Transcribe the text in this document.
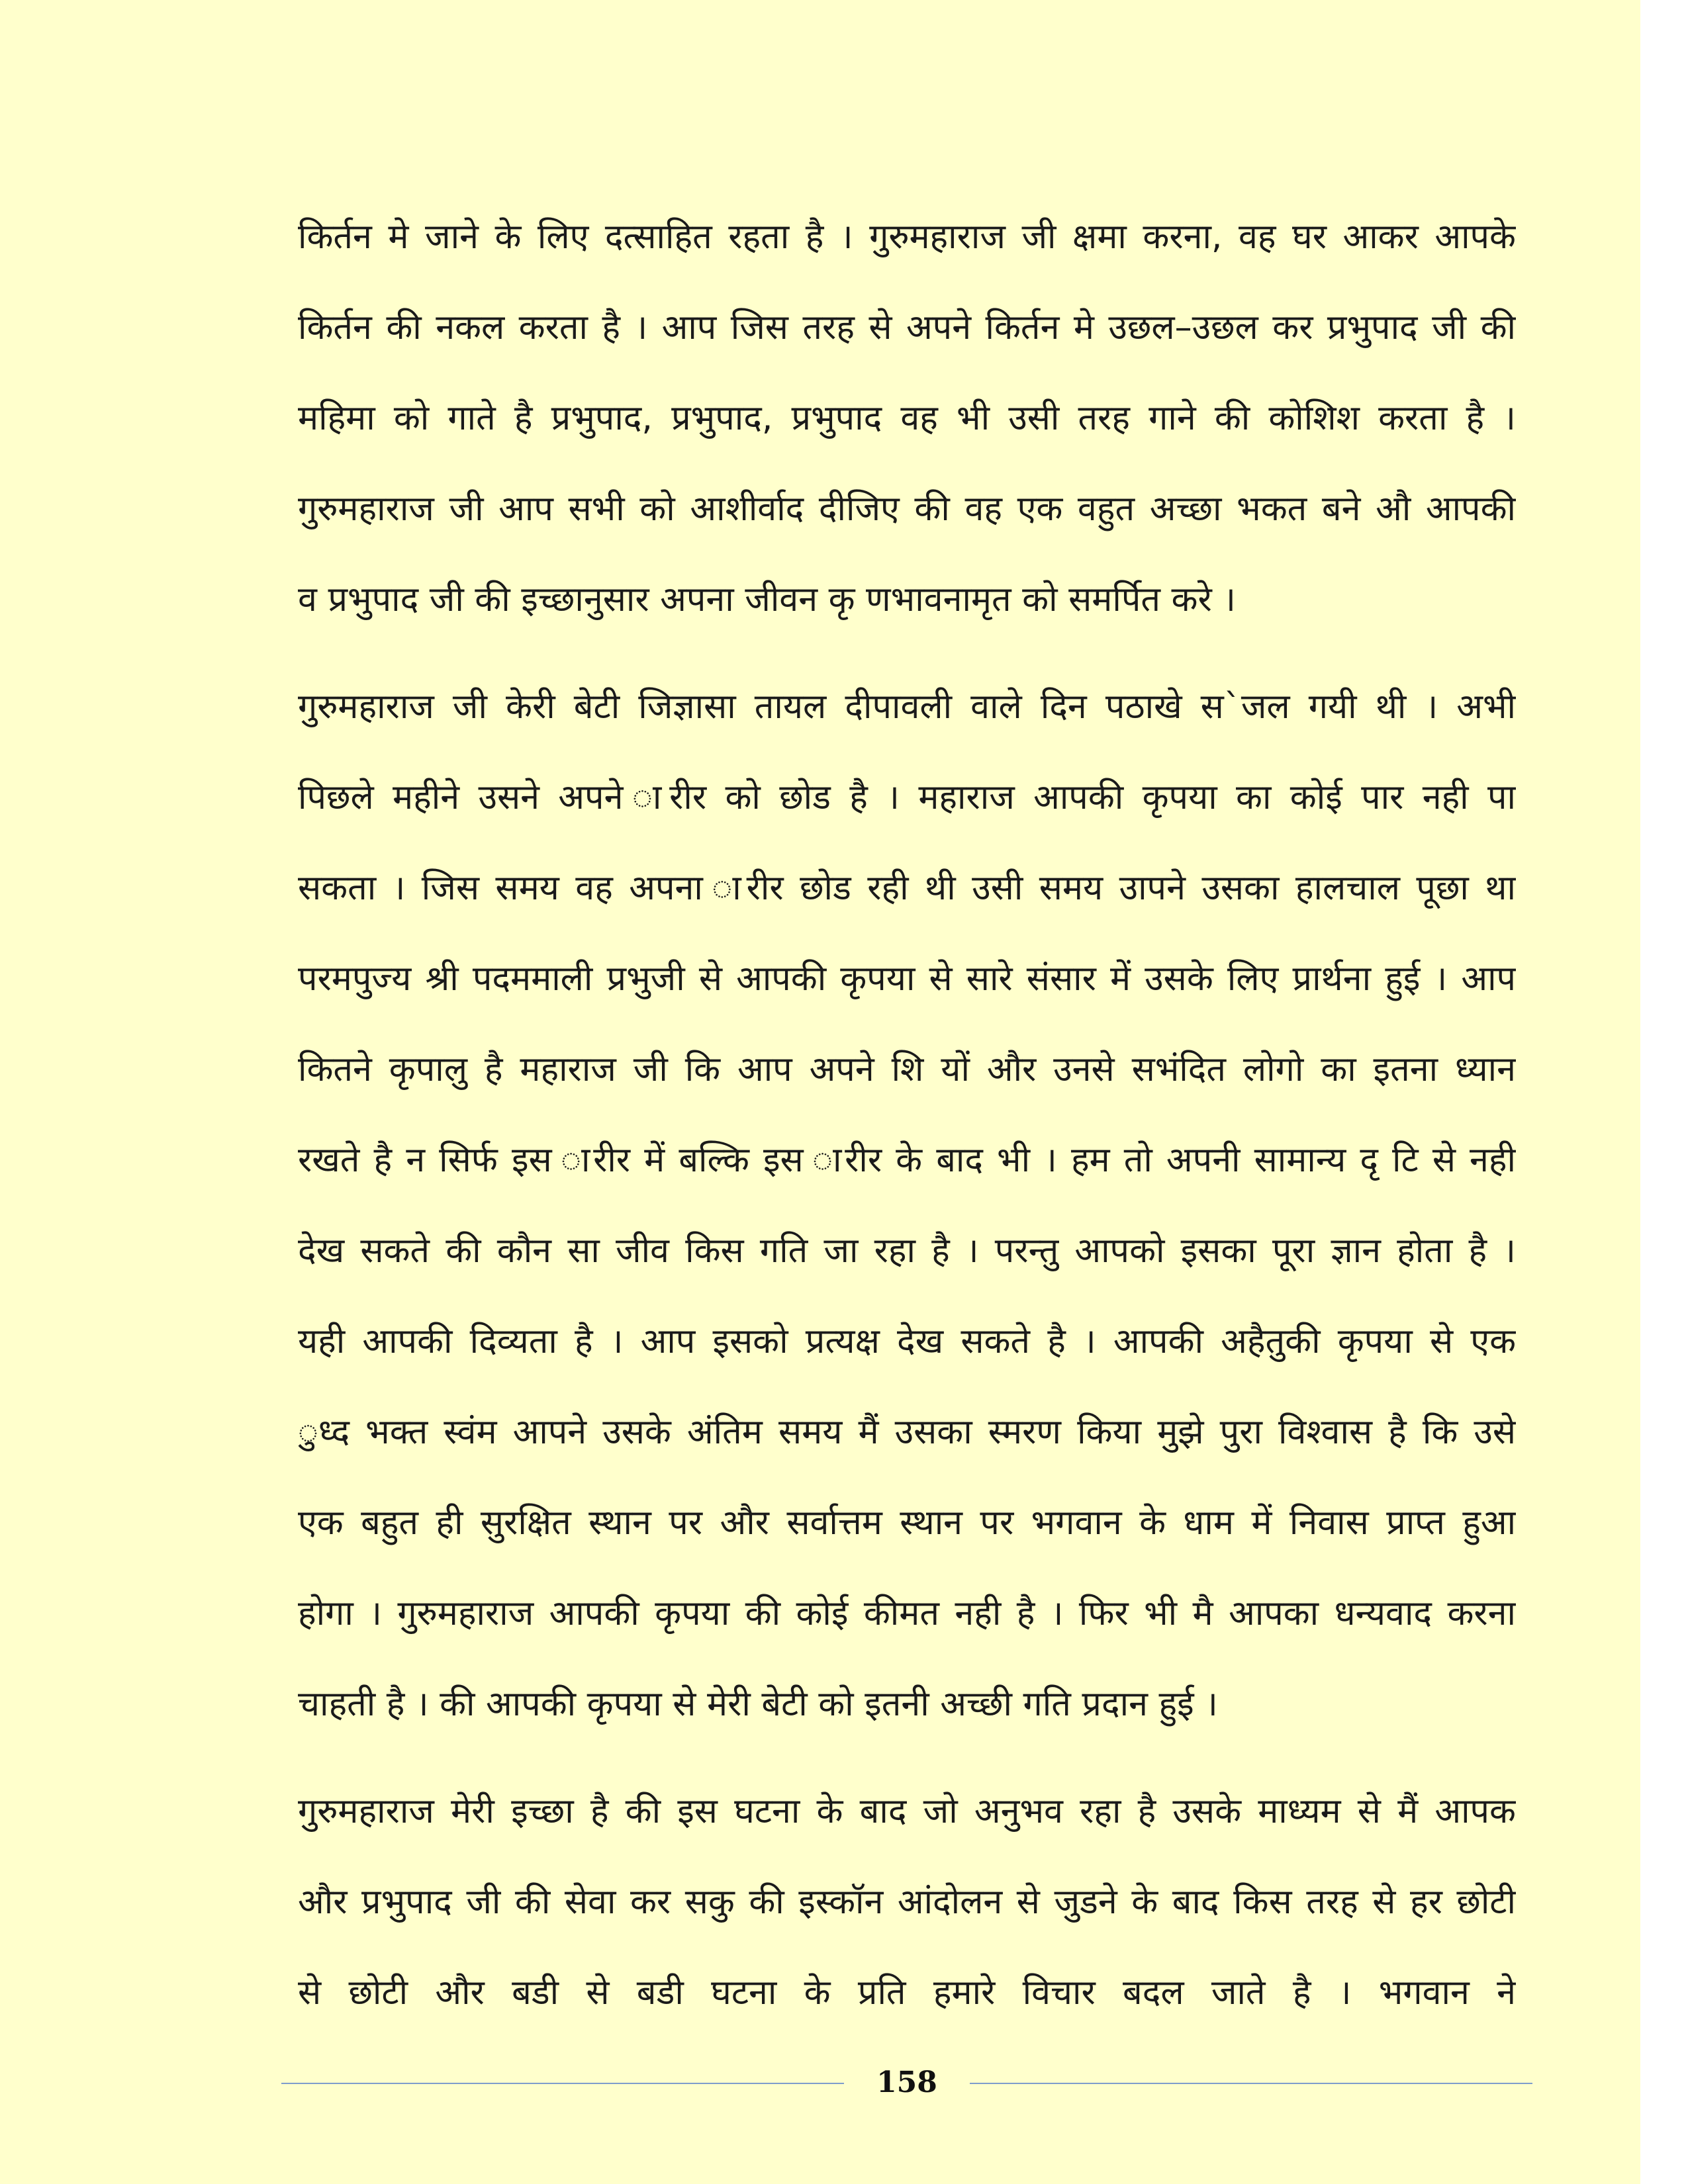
किर्तन मे जाने के लिए दत्साहित रहता है । गुरुमहाराज जी क्षमा करना, वह घर आकर आपके
किर्तन की नकल करता है । आप जिस तरह से अपने किर्तन मे उछल–उछल कर प्रभुपाद जी की
महिमा को गाते है प्रभुपाद, प्रभुपाद, प्रभुपाद वह भी उसी तरह गाने की कोशिश करता है ।
गुरुमहाराज जी आप सभी को आशीर्वाद दीजिए की वह एक वहुत अच्छा भकत बने औ आपकी
व प्रभुपाद जी की इच्छानुसार अपना जीवन कृ णभावनामृत को समर्पित करे ।
गुरुमहाराज जी केरी बेटी जिज्ञासा तायल दीपावली वाले दिन पठाखे स`जल गयी थी । अभी
पिछले महीने उसने अपने ारीर को छोड है । महाराज आपकी कृपया का कोई पार नही पा
सकता । जिस समय वह अपना ारीर छोड रही थी उसी समय उापने उसका हालचाल पूछा था
परमपुज्य श्री पदममाली प्रभुजी से आपकी कृपया से सारे संसार में उसके लिए प्रार्थना हुई । आप
कितने कृपालु है महाराज जी कि आप अपने शि यों और उनसे सभंदित लोगो का इतना ध्यान
रखते है न सिर्फ इस ारीर में बल्कि इस ारीर के बाद भी । हम तो अपनी सामान्य दृ टि से नही
देख सकते की कौन सा जीव किस गति जा रहा है । परन्तु आपको इसका पूरा ज्ञान होता है ।
यही आपकी दिव्यता है । आप इसको प्रत्यक्ष देख सकते है । आपकी अहैतुकी कृपया से एक
ुध्द भक्त स्वंम आपने उसके अंतिम समय मैं उसका स्मरण किया मुझे पुरा विश्वास है कि उसे
एक बहुत ही सुरक्षित स्थान पर और सर्वात्तम स्थान पर भगवान के धाम में निवास प्राप्त हुआ
होगा । गुरुमहाराज आपकी कृपया की कोई कीमत नही है । फिर भी मै आपका धन्यवाद करना
चाहती है । की आपकी कृपया से मेरी बेटी को इतनी अच्छी गति प्रदान हुई ।
गुरुमहाराज मेरी इच्छा है की इस घटना के बाद जो अनुभव रहा है उसके माध्यम से मैं आपक
और प्रभुपाद जी की सेवा कर सकु की इस्कॉन आंदोलन से जुडने के बाद किस तरह से हर छोटी
से छोटी और बडी से बडी घटना के प्रति हमारे विचार बदल जाते है । भगवान ने
158
